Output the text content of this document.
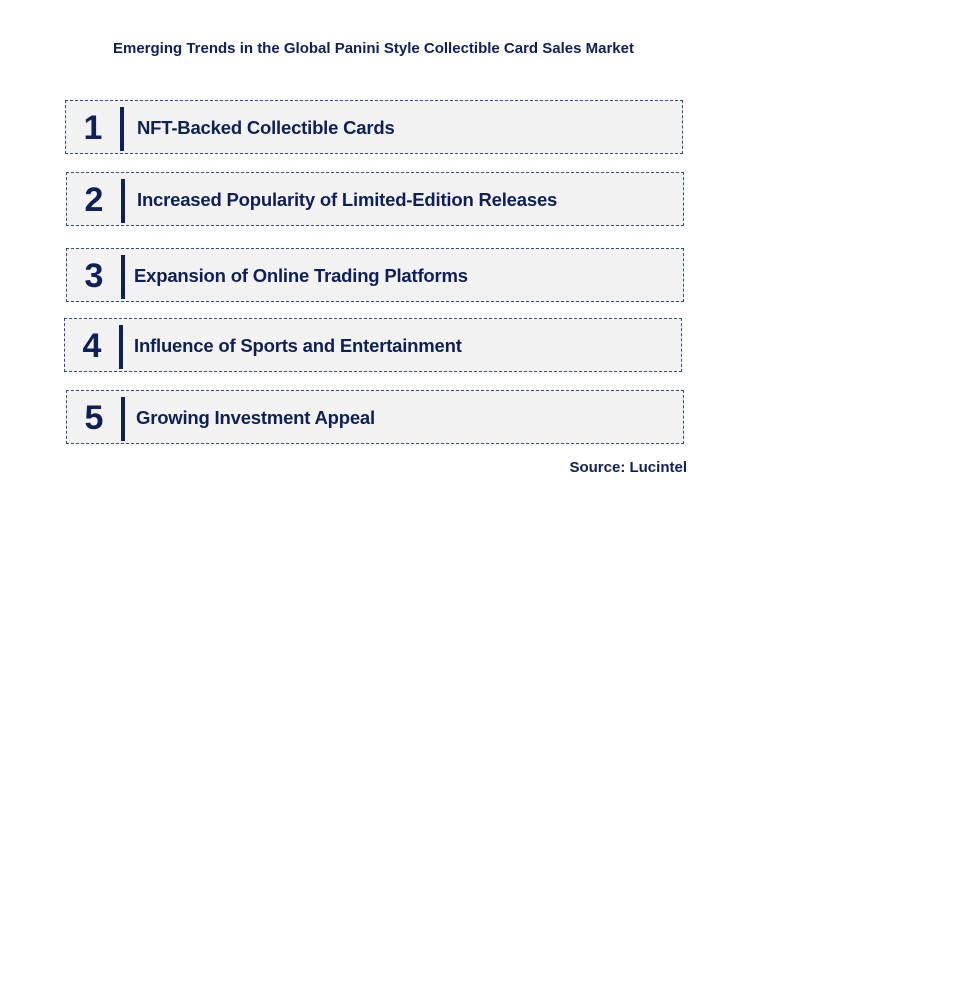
Emerging Trends in the Global Panini Style Collectible Card Sales Market
1 NFT-Backed Collectible Cards
2 Increased Popularity of Limited-Edition Releases
3 Expansion of Online Trading Platforms
4 Influence of Sports and Entertainment
5 Growing Investment Appeal
Source: Lucintel
